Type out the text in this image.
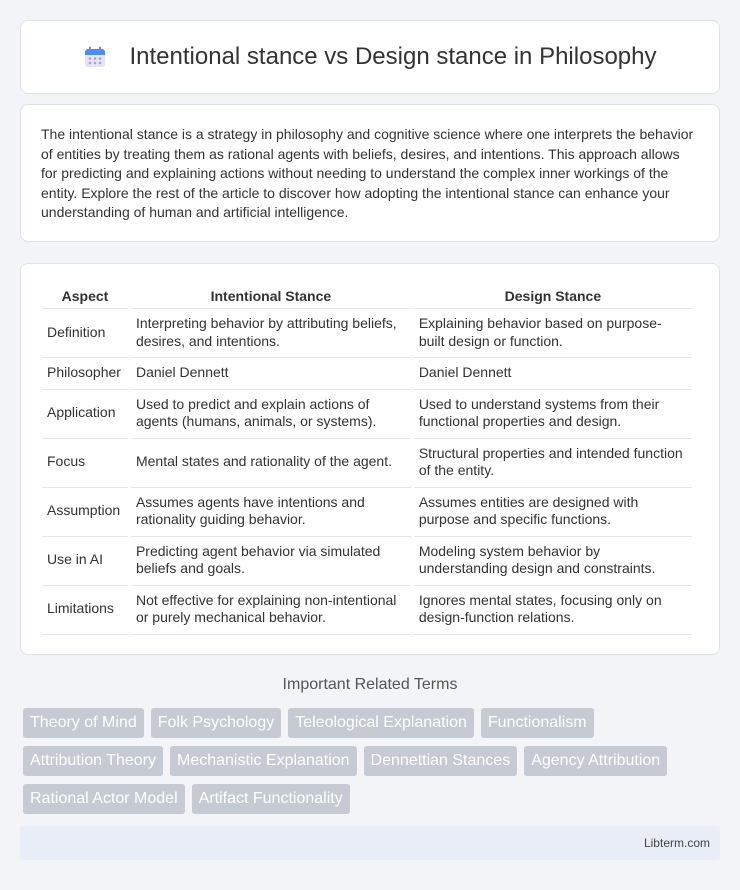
Intentional stance vs Design stance in Philosophy

The intentional stance is a strategy in philosophy and cognitive science where one interprets the behavior of entities by treating them as rational agents with beliefs, desires, and intentions. This approach allows for predicting and explaining actions without needing to understand the complex inner workings of the entity. Explore the rest of the article to discover how adopting the intentional stance can enhance your understanding of human and artificial intelligence.

Aspect	Intentional Stance	Design Stance
Definition	Interpreting behavior by attributing beliefs, desires, and intentions.	Explaining behavior based on purpose-built design or function.
Philosopher	Daniel Dennett	Daniel Dennett
Application	Used to predict and explain actions of agents (humans, animals, or systems).	Used to understand systems from their functional properties and design.
Focus	Mental states and rationality of the agent.	Structural properties and intended function of the entity.
Assumption	Assumes agents have intentions and rationality guiding behavior.	Assumes entities are designed with purpose and specific functions.
Use in AI	Predicting agent behavior via simulated beliefs and goals.	Modeling system behavior by understanding design and constraints.
Limitations	Not effective for explaining non-intentional or purely mechanical behavior.	Ignores mental states, focusing only on design-function relations.
Important Related Terms
Theory of Mind	Folk Psychology	Teleological Explanation	Functionalism
Attribution Theory	Mechanistic Explanation	Dennettian Stances	Agency Attribution
Rational Actor Model	Artifact Functionality
Libterm.com
